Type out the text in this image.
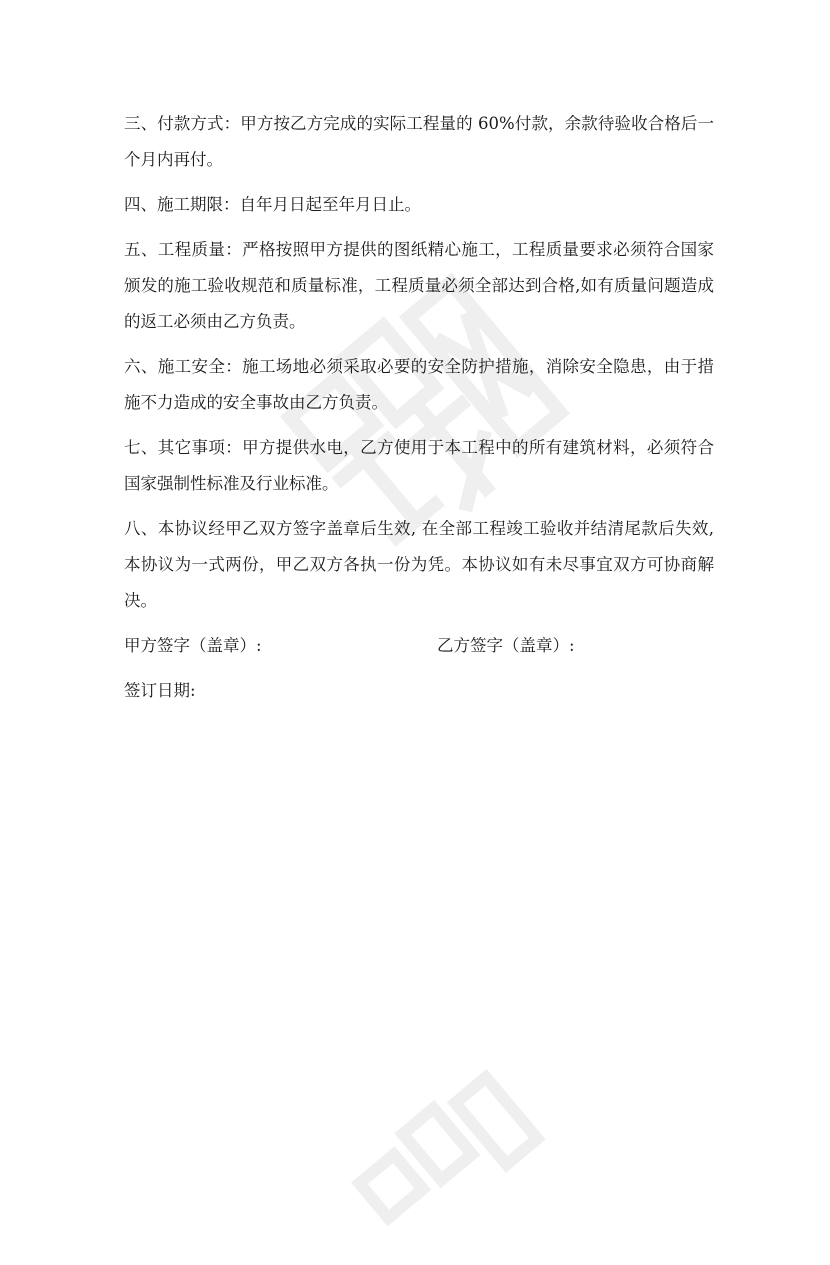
三、付款方式：甲方按乙方完成的实际工程量的 60%付款，余款待验收合格后一个月内再付。

四、施工期限：自年月日起至年月日止。

五、工程质量：严格按照甲方提供的图纸精心施工，工程质量要求必须符合国家颁发的施工验收规范和质量标准，工程质量必须全部达到合格,如有质量问题造成的返工必须由乙方负责。

六、施工安全：施工场地必须采取必要的安全防护措施，消除安全隐患，由于措施不力造成的安全事故由乙方负责。

七、其它事项：甲方提供水电，乙方使用于本工程中的所有建筑材料，必须符合国家强制性标准及行业标准。

八、本协议经甲乙双方签字盖章后生效, 在全部工程竣工验收并结清尾款后失效, 本协议为一式两份，甲乙双方各执一份为凭。本协议如有未尽事宜双方可协商解决。

甲方签字（盖章）:	乙方签字（盖章）:
签订日期:
